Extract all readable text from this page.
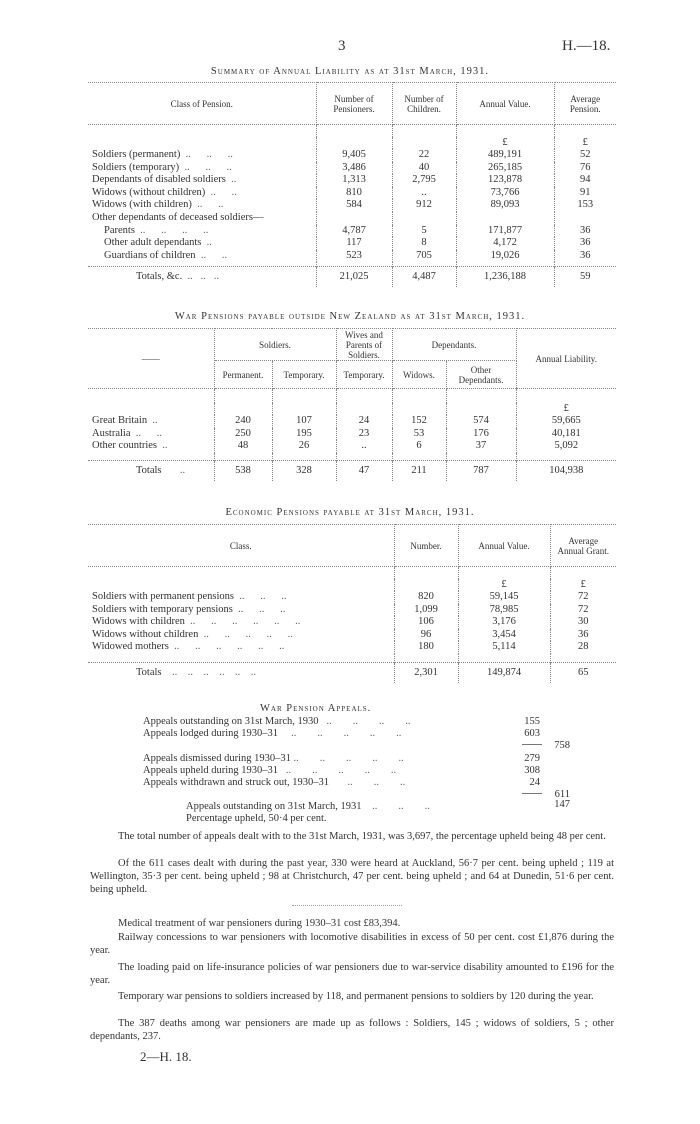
3	H.—18.
Summary of Annual Liability as at 31st March, 1931.
Class of Pension.	Number of Pensioners.	Number of Children.	Annual Value.	Average Pension.

			£	£
Soldiers (permanent)  ..      ..      ..	9,405	22	489,191	52
Soldiers (temporary)  ..      ..      ..	3,486	40	265,185	76
Dependants of disabled soldiers  ..	1,313	2,795	123,878	94
Widows (without children)  ..      ..	810	..	73,766	91
Widows (with children)  ..      ..	584	912	89,093	153
Other dependants of deceased soldiers—				
Parents  ..      ..      ..      ..	4,787	5	171,877	36
Other adult dependants  ..	117	8	4,172	36
Guardians of children  ..      ..	523	705	19,026	36

Totals, &c.  ..   ..   ..	21,025	4,487	1,236,188	59
War Pensions payable outside New Zealand as at 31st March, 1931.
——	Soldiers.		Wives and Parents of Soldiers.	Dependants.		Annual Liability.
	Permanent.	Temporary.	Temporary.	Widows.	Other Dependants.	

						£
Great Britain  ..	240	107	24	152	574	59,665
Australia  ..      ..	250	195	23	53	176	40,181
Other countries  ..	48	26	..	6	37	5,092

Totals       ..	538	328	47	211	787	104,938
Economic Pensions payable at 31st March, 1931.
Class.	Number.	Annual Value.	Average Annual Grant.

		£	£
Soldiers with permanent pensions  ..      ..      ..	820	59,145	72
Soldiers with temporary pensions  ..      ..      ..	1,099	78,985	72
Widows with children  ..      ..      ..      ..      ..      ..	106	3,176	30
Widows without children  ..      ..      ..      ..      ..	96	3,454	36
Widowed mothers  ..      ..      ..      ..      ..      ..	180	5,114	28

Totals    ..    ..    ..    ..    ..    ..	2,301	149,874	65
War Pension Appeals.
Appeals outstanding on 31st March, 1930   ..        ..        ..        ..	155
Appeals lodged during 1930–31     ..        ..        ..        ..        ..	603
758
Appeals dismissed during 1930–31 ..        ..        ..        ..        ..	279
Appeals upheld during 1930–31   ..        ..        ..        ..        ..	308
Appeals withdrawn and struck out, 1930–31       ..        ..        ..	24
611
Appeals outstanding on 31st March, 1931    ..        ..        ..	147
Percentage upheld, 50·4 per cent.
The total number of appeals dealt with to the 31st March, 1931, was 3,697, the percentage upheld being 48 per cent.
Of the 611 cases dealt with during the past year, 330 were heard at Auckland, 56·7 per cent. being upheld ; 119 at Wellington, 35·3 per cent. being upheld ; 98 at Christchurch, 47 per cent. being upheld ; and 64 at Dunedin, 51·6 per cent. being upheld.
Medical treatment of war pensioners during 1930–31 cost £83,394.
Railway concessions to war pensioners with locomotive disabilities in excess of 50 per cent. cost £1,876 during the year.
The loading paid on life-insurance policies of war pensioners due to war-service disability amounted to £196 for the year.
Temporary war pensions to soldiers increased by 118, and permanent pensions to soldiers by 120 during the year.
The 387 deaths among war pensioners are made up as follows : Soldiers, 145 ; widows of soldiers, 5 ; other dependants, 237.
2—H. 18.
